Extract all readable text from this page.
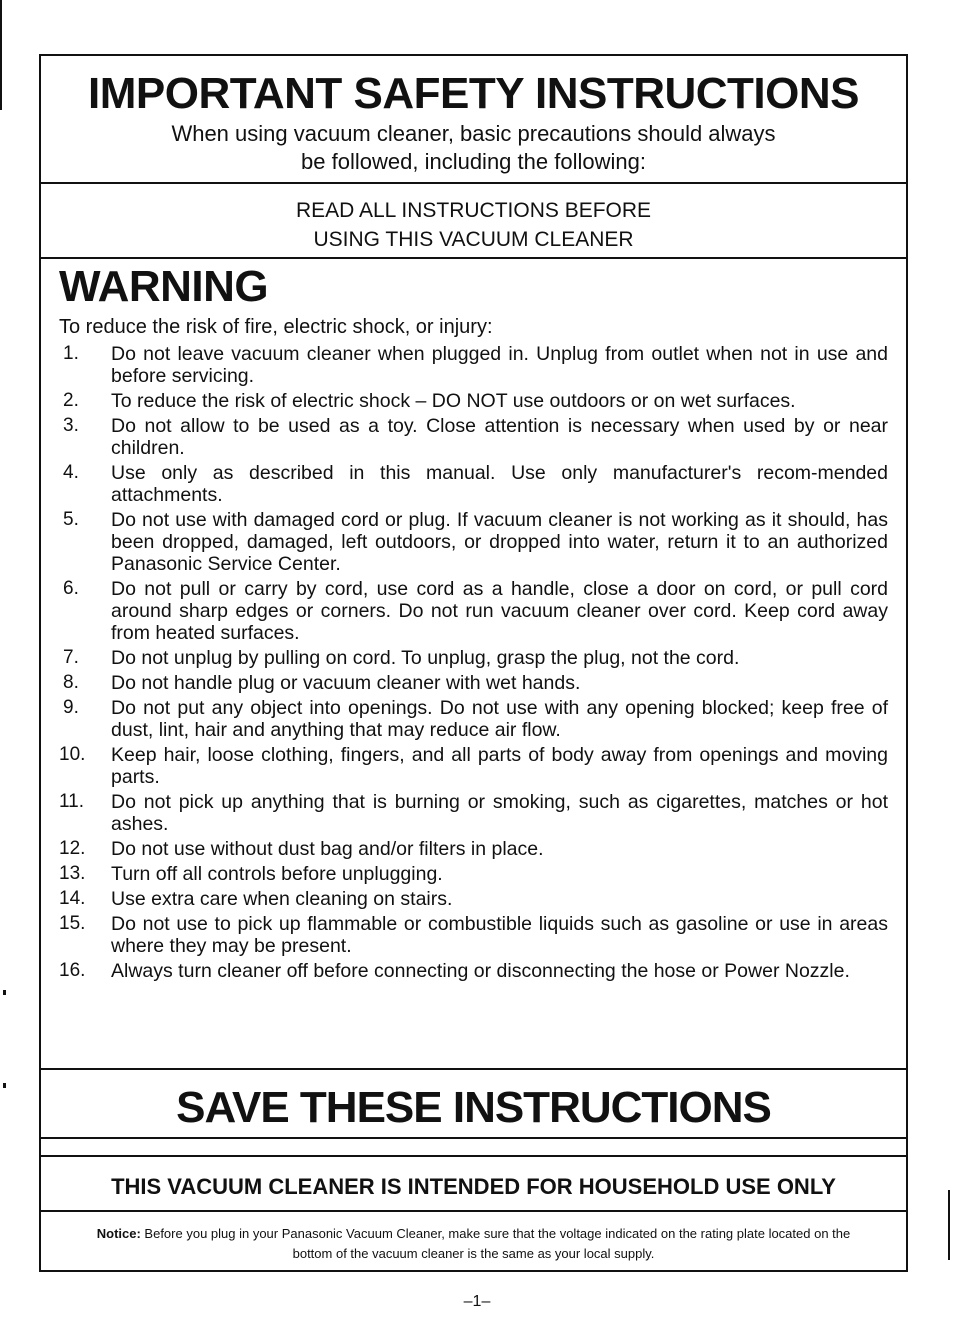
IMPORTANT SAFETY INSTRUCTIONS
When using vacuum cleaner, basic precautions should always
be followed, including the following:
READ ALL INSTRUCTIONS BEFORE
USING THIS VACUUM CLEANER
WARNING
To reduce the risk of fire, electric shock, or injury:
1.	Do not leave vacuum cleaner when plugged in. Unplug from outlet when not in use and before servicing.
2.	To reduce the risk of electric shock – DO NOT use outdoors or on wet surfaces.
3.	Do not allow to be used as a toy. Close attention is necessary when used by or near children.
4.	Use only as described in this manual. Use only manufacturer's recom-mended attachments.
5.	Do not use with damaged cord or plug. If vacuum cleaner is not working as it should, has been dropped, damaged, left outdoors, or dropped into water, return it to an authorized Panasonic Service Center.
6.	Do not pull or carry by cord, use cord as a handle, close a door on cord, or pull cord around sharp edges or corners. Do not run vacuum cleaner over cord. Keep cord away from heated surfaces.
7.	Do not unplug by pulling on cord. To unplug, grasp the plug, not the cord.
8.	Do not handle plug or vacuum cleaner with wet hands.
9.	Do not put any object into openings. Do not use with any opening blocked; keep free of dust, lint, hair and anything that may reduce air flow.
10.	Keep hair, loose clothing, fingers, and all parts of body away from openings and moving parts.
11.	Do not pick up anything that is burning or smoking, such as cigarettes, matches or hot ashes.
12.	Do not use without dust bag and/or filters in place.
13.	Turn off all controls before unplugging.
14.	Use extra care when cleaning on stairs.
15.	Do not use to pick up flammable or combustible liquids such as gasoline or use in areas where they may be present.
16.	Always turn cleaner off before connecting or disconnecting the hose or Power Nozzle.
SAVE THESE INSTRUCTIONS
THIS VACUUM CLEANER IS INTENDED FOR HOUSEHOLD USE ONLY
Notice: Before you plug in your Panasonic Vacuum Cleaner, make sure that the voltage indicated on the rating plate located on the bottom of the vacuum cleaner is the same as your local supply.
–1–
